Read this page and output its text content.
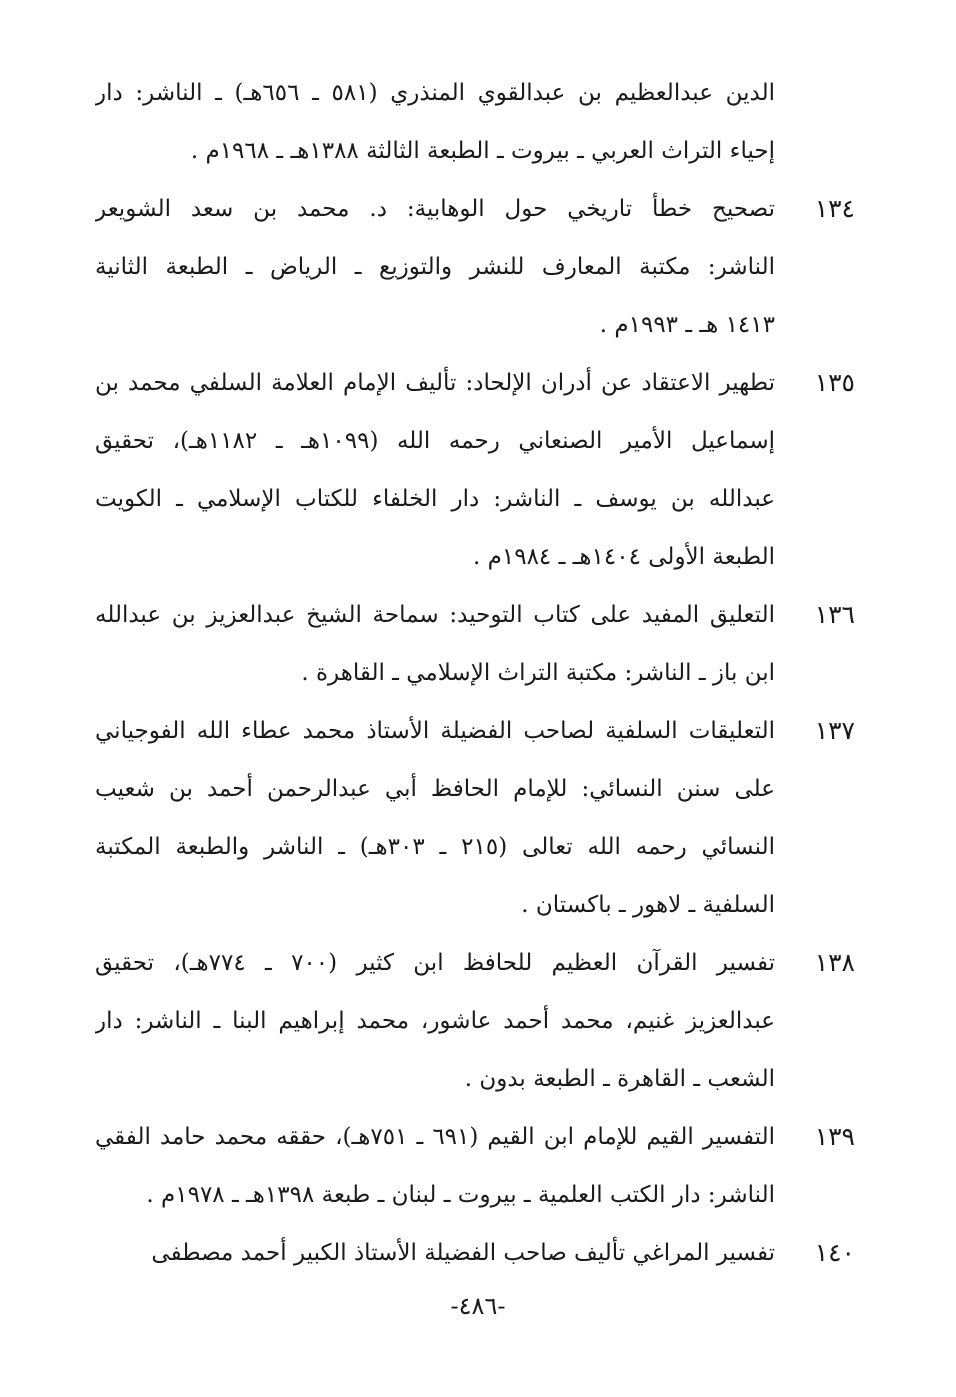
الدين عبدالعظيم بن عبدالقوي المنذري (٥٨١ ـ ٦٥٦هـ) ـ الناشر: دار
إحياء التراث العربي ـ بيروت ـ الطبعة الثالثة ١٣٨٨هـ ـ ١٩٦٨م .
١٣٤
تصحيح خطأ تاريخي حول الوهابية: د. محمد بن سعد الشويعر
الناشر: مكتبة المعارف للنشر والتوزيع ـ الرياض ـ الطبعة الثانية
١٤١٣ هـ ـ ١٩٩٣م .
١٣٥
تطهير الاعتقاد عن أدران الإلحاد: تأليف الإمام العلامة السلفي محمد بن
إسماعيل الأمير الصنعاني رحمه الله (١٠٩٩هـ ـ ١١٨٢هـ)، تحقيق
عبدالله بن يوسف ـ الناشر: دار الخلفاء للكتاب الإسلامي ـ الكويت
الطبعة الأولى ١٤٠٤هـ ـ ١٩٨٤م .
١٣٦
التعليق المفيد على كتاب التوحيد: سماحة الشيخ عبدالعزيز بن عبدالله
ابن باز ـ الناشر: مكتبة التراث الإسلامي ـ القاهرة .
١٣٧
التعليقات السلفية لصاحب الفضيلة الأستاذ محمد عطاء الله الفوجياني
على سنن النسائي: للإمام الحافظ أبي عبدالرحمن أحمد بن شعيب
النسائي رحمه الله تعالى (٢١٥ ـ ٣٠٣هـ) ـ الناشر والطبعة المكتبة
السلفية ـ لاهور ـ باكستان .
١٣٨
تفسير القرآن العظيم للحافظ ابن كثير (٧٠٠ ـ ٧٧٤هـ)، تحقيق
عبدالعزيز غنيم، محمد أحمد عاشور، محمد إبراهيم البنا ـ الناشر: دار
الشعب ـ القاهرة ـ الطبعة بدون .
١٣٩
التفسير القيم للإمام ابن القيم (٦٩١ ـ ٧٥١هـ)، حققه محمد حامد الفقي
الناشر: دار الكتب العلمية ـ بيروت ـ لبنان ـ طبعة ١٣٩٨هـ ـ ١٩٧٨م .
١٤٠
تفسير المراغي تأليف صاحب الفضيلة الأستاذ الكبير أحمد مصطفى
-٤٨٦-
